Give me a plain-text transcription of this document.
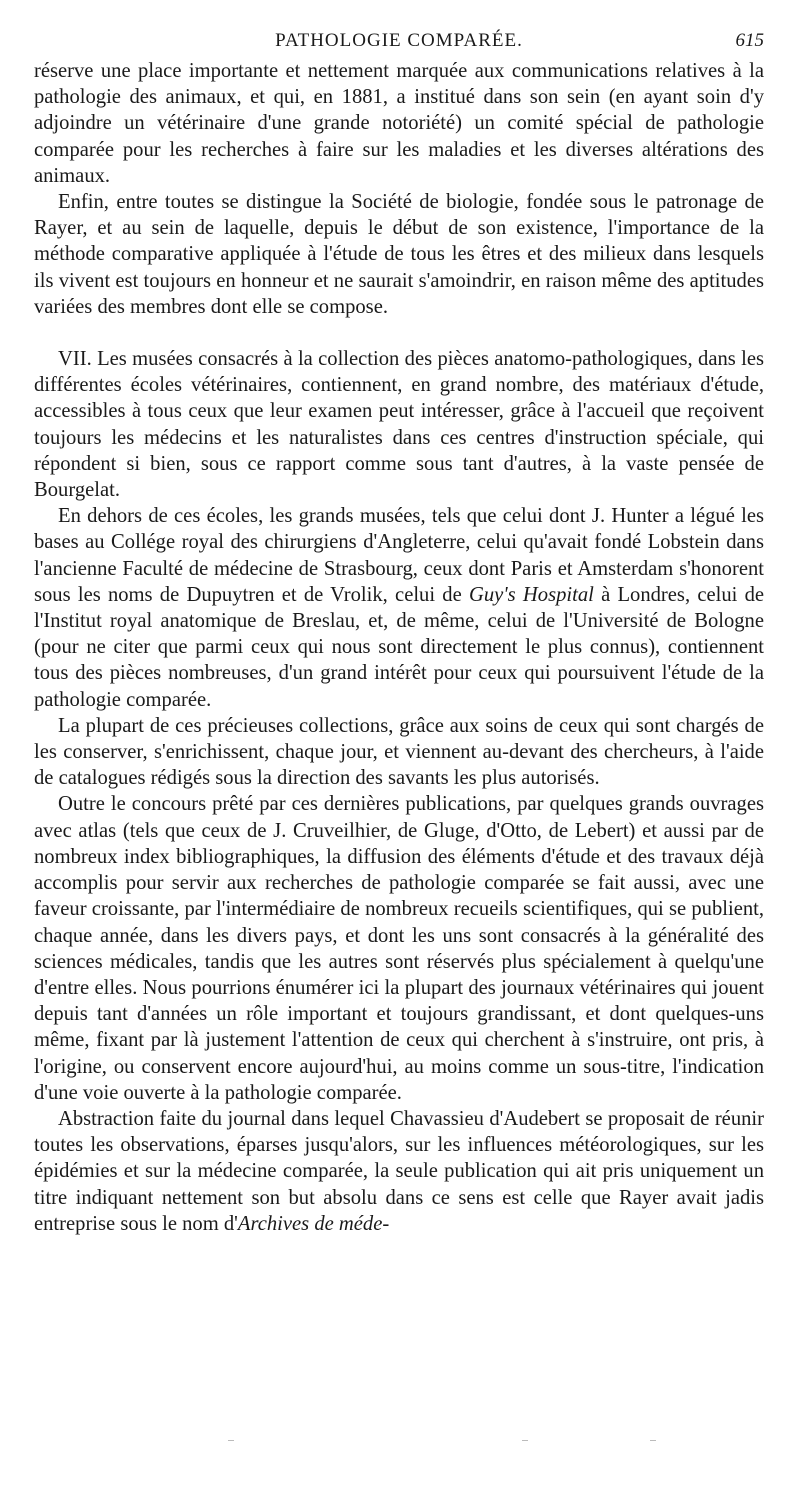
PATHOLOGIE COMPARÉE.	615

réserve une place importante et nettement marquée aux communications relatives à la pathologie des animaux, et qui, en 1881, a institué dans son sein (en ayant soin d'y adjoindre un vétérinaire d'une grande notoriété) un comité spécial de pathologie comparée pour les recherches à faire sur les maladies et les diverses altérations des animaux.

Enfin, entre toutes se distingue la Société de biologie, fondée sous le patronage de Rayer, et au sein de laquelle, depuis le début de son existence, l'importance de la méthode comparative appliquée à l'étude de tous les êtres et des milieux dans lesquels ils vivent est toujours en honneur et ne saurait s'amoindrir, en raison même des aptitudes variées des membres dont elle se compose.

VII. Les musées consacrés à la collection des pièces anatomo-pathologiques, dans les différentes écoles vétérinaires, contiennent, en grand nombre, des matériaux d'étude, accessibles à tous ceux que leur examen peut intéresser, grâce à l'accueil que reçoivent toujours les médecins et les naturalistes dans ces centres d'instruction spéciale, qui répondent si bien, sous ce rapport comme sous tant d'autres, à la vaste pensée de Bourgelat.

En dehors de ces écoles, les grands musées, tels que celui dont J. Hunter a légué les bases au Collége royal des chirurgiens d'Angleterre, celui qu'avait fondé Lobstein dans l'ancienne Faculté de médecine de Strasbourg, ceux dont Paris et Amsterdam s'honorent sous les noms de Dupuytren et de Vrolik, celui de Guy's Hospital à Londres, celui de l'Institut royal anatomique de Breslau, et, de même, celui de l'Université de Bologne (pour ne citer que parmi ceux qui nous sont directement le plus connus), contiennent tous des pièces nombreuses, d'un grand intérêt pour ceux qui poursuivent l'étude de la pathologie comparée.

La plupart de ces précieuses collections, grâce aux soins de ceux qui sont chargés de les conserver, s'enrichissent, chaque jour, et viennent au-devant des chercheurs, à l'aide de catalogues rédigés sous la direction des savants les plus autorisés.

Outre le concours prêté par ces dernières publications, par quelques grands ouvrages avec atlas (tels que ceux de J. Cruveilhier, de Gluge, d'Otto, de Lebert) et aussi par de nombreux index bibliographiques, la diffusion des éléments d'étude et des travaux déjà accomplis pour servir aux recherches de pathologie comparée se fait aussi, avec une faveur croissante, par l'intermédiaire de nombreux recueils scientifiques, qui se publient, chaque année, dans les divers pays, et dont les uns sont consacrés à la généralité des sciences médicales, tandis que les autres sont réservés plus spécialement à quelqu'une d'entre elles. Nous pourrions énumérer ici la plupart des journaux vétérinaires qui jouent depuis tant d'années un rôle important et toujours grandissant, et dont quelques-uns même, fixant par là justement l'attention de ceux qui cherchent à s'instruire, ont pris, à l'origine, ou conservent encore aujourd'hui, au moins comme un sous-titre, l'indication d'une voie ouverte à la pathologie comparée.

Abstraction faite du journal dans lequel Chavassieu d'Audebert se proposait de réunir toutes les observations, éparses jusqu'alors, sur les influences météorologiques, sur les épidémies et sur la médecine comparée, la seule publication qui ait pris uniquement un titre indiquant nettement son but absolu dans ce sens est celle que Rayer avait jadis entreprise sous le nom d'Archives de méde-
